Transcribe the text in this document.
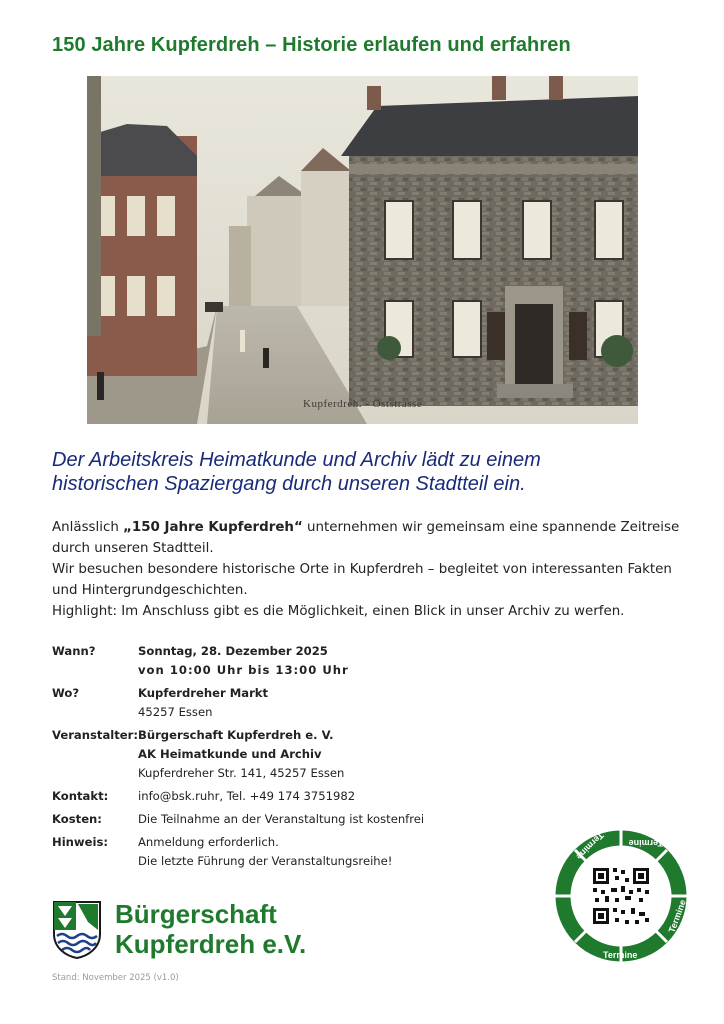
150 Jahre Kupferdreh – Historie erlaufen und erfahren
Kupferdreh. - Oststrasse

Der Arbeitskreis Heimatkunde und Archiv lädt zu einem

historischen Spaziergang durch unseren Stadtteil ein.

Anlässlich „150 Jahre Kupferdreh“ unternehmen wir gemeinsam eine spannende Zeitreise durch unseren Stadtteil.

Wir besuchen besondere historische Orte in Kupferdreh – begleitet von interessanten Fakten und Hintergrundgeschichten.

Highlight: Im Anschluss gibt es die Möglichkeit, einen Blick in unser Archiv zu werfen.

Wann?	Sonntag, 28. Dezember 2025
von 10:00 Uhr bis 13:00 Uhr
Wo?	Kupferdreher Markt
45257 Essen
Veranstalter: Bürgerschaft Kupferdreh e. V.
AK Heimatkunde und Archiv
Kupferdreher Str. 141, 45257 Essen
Kontakt:	info@bsk.ruhr, Tel. +49 174 3751982
Kosten:	Die Teilnahme an der Veranstaltung ist kostenfrei
Hinweis:	Anmeldung erforderlich.
Die letzte Führung der Veranstaltungsreihe!
Bürgerschaft
Kupferdreh e.V.
Stand: November 2025 (v1.0)
Termine	Termine
Termine	Termine
Termine
